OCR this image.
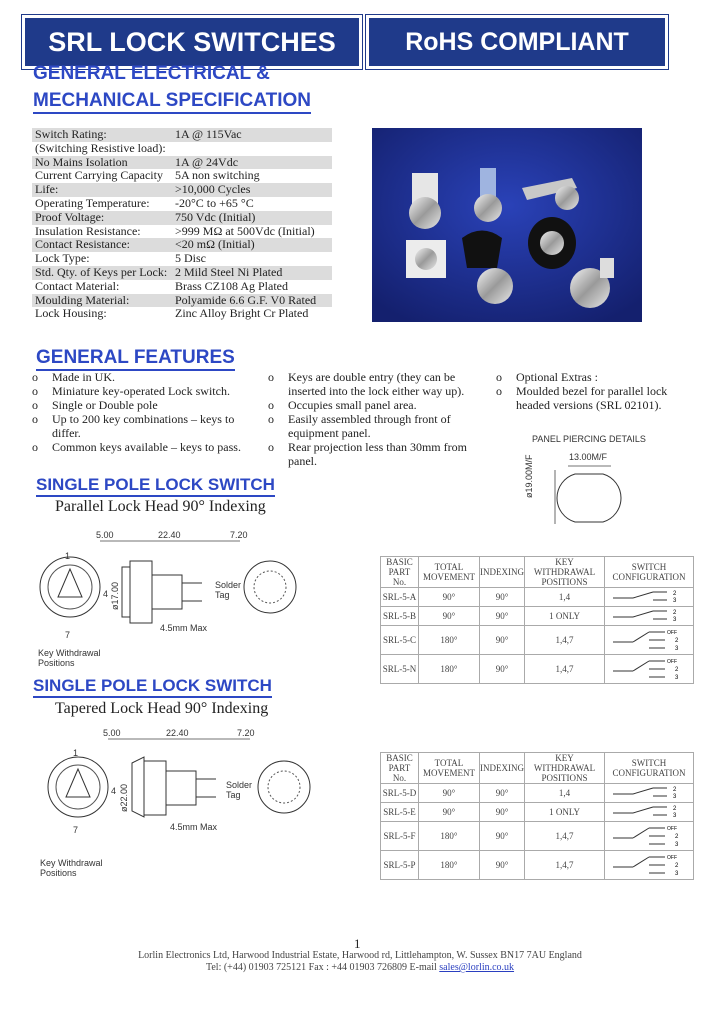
SRL LOCK SWITCHES	RoHS COMPLIANT
GENERAL ELECTRICAL &
MECHANICAL SPECIFICATION
Switch Rating:	1A @ 115Vac
(Switching Resistive load):
No Mains Isolation	1A @ 24Vdc
Current Carrying Capacity	5A non switching
Life:	>10,000 Cycles
Operating Temperature:	-20°C to +65 °C
Proof Voltage:	750 Vdc (Initial)
Insulation Resistance:	>999 MΩ at 500Vdc (Initial)
Contact Resistance:	<20 mΩ (Initial)
Lock Type:	5 Disc
Std. Qty. of Keys per Lock: 2 Mild Steel Ni Plated
Contact Material:	Brass CZ108 Ag Plated
Moulding Material:	Polyamide 6.6 G.F. V0 Rated
Lock Housing:	Zinc Alloy Bright Cr Plated
GENERAL FEATURES
o	Made in UK.
o	Miniature key-operated Lock switch.
o	Single or Double pole
o	Up to 200 key combinations – keys to differ.
o	Common keys available – keys to pass.
o	Keys are double entry (they can be inserted into the lock either way up).
o	Occupies small panel area.
o	Easily assembled through front of equipment panel.
o	Rear projection less than 30mm from panel.
o	Optional Extras :
o	Moulded bezel for parallel lock headed versions (SRL 02101).
PANEL PIERCING DETAILS
13.00M/F
ø19.00M/F
SINGLE POLE LOCK SWITCH
Parallel Lock Head 90° Indexing
5.00	22.40	7.20
1
4
7
ø17.00	Solder Tag
4.5mm Max
Key Withdrawal Positions
BASIC PART No.	TOTAL MOVEMENT	INDEXING	KEY WITHDRAWAL POSITIONS	SWITCH CONFIGURATION
SRL-5-A	90°	90°	1,4	2
3

SRL-5-B	90°	90°	1 ONLY	2
3

SRL-5-C	180°	90°	1,4,7	OFF
2
3

SRL-5-N	180°	90°	1,4,7	OFF
2
3
SINGLE POLE LOCK SWITCH
Tapered Lock Head 90° Indexing
5.00	22.40	7.20
1
4
7
ø22.00	Solder Tag
4.5mm Max
Key Withdrawal Positions
BASIC PART No.	TOTAL MOVEMENT	INDEXING	KEY WITHDRAWAL POSITIONS	SWITCH CONFIGURATION
SRL-5-D	90°	90°	1,4	2
3

SRL-5-E	90°	90°	1 ONLY	2
3

SRL-5-F	180°	90°	1,4,7	OFF
2
3

SRL-5-P	180°	90°	1,4,7	OFF
2
3
1
Lorlin Electronics Ltd, Harwood Industrial Estate, Harwood rd, Littlehampton, W. Sussex BN17 7AU England
Tel: (+44) 01903 725121 Fax : +44 01903 726809 E-mail sales@lorlin.co.uk
